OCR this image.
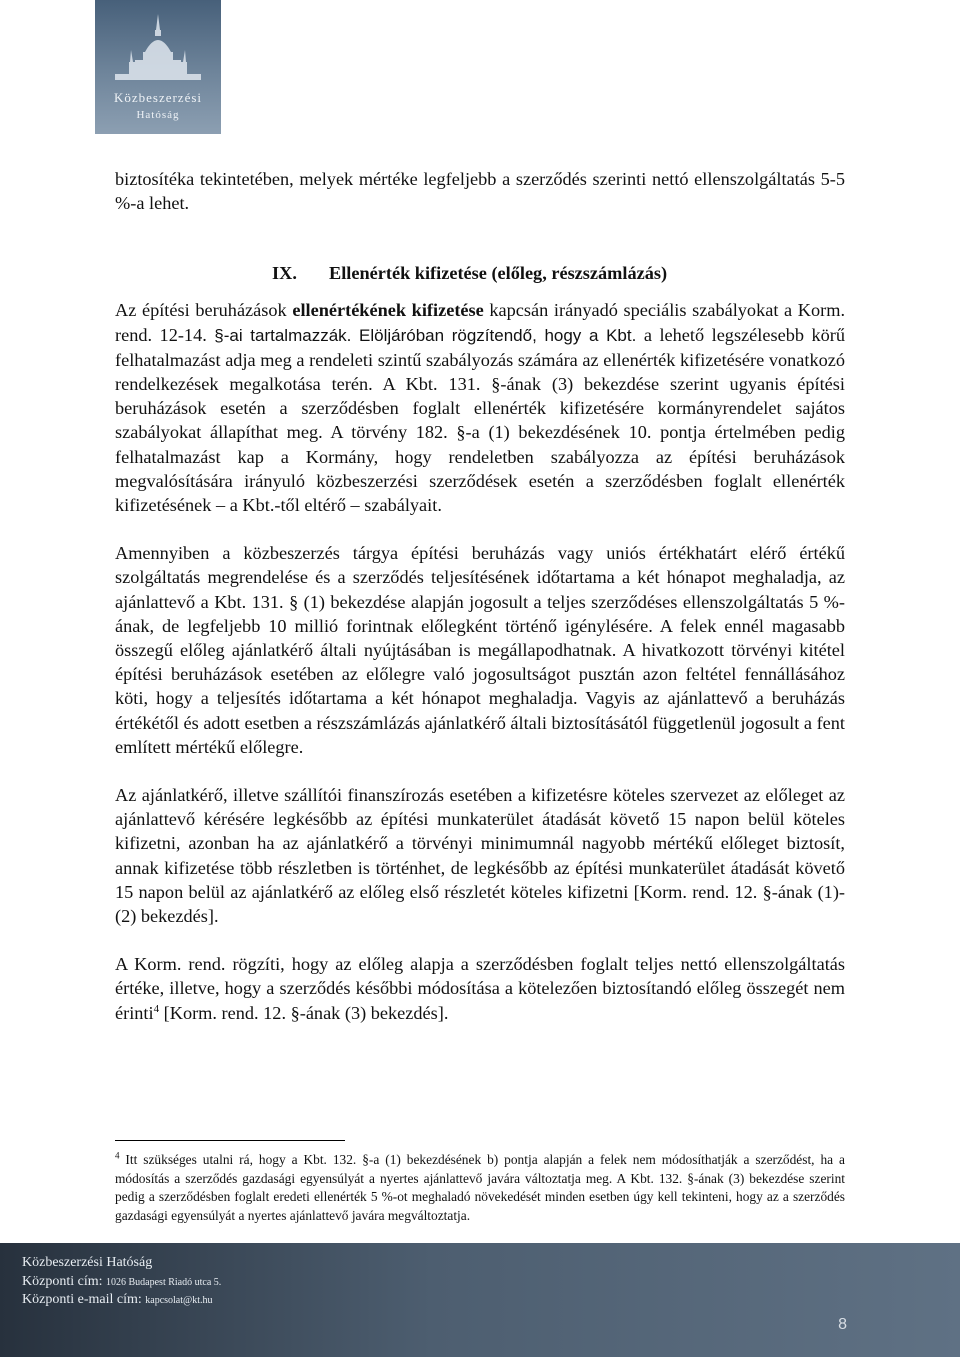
Közbeszerzési
Hatóság

biztosítéka tekintetében, melyek mértéke legfeljebb a szerződés szerinti nettó ellenszolgáltatás 5-5 %-a lehet.

IX. Ellenérték kifizetése (előleg, részszámlázás)

Az építési beruházások ellenértékének kifizetése kapcsán irányadó speciális szabályokat a Korm. rend. 12-14. §-ai tartalmazzák. Elöljáróban rögzítendő, hogy a Kbt. a lehető legszélesebb körű felhatalmazást adja meg a rendeleti szintű szabályozás számára az ellenérték kifizetésére vonatkozó rendelkezések megalkotása terén. A Kbt. 131. §-ának (3) bekezdése szerint ugyanis építési beruházások esetén a szerződésben foglalt ellenérték kifizetésére kormányrendelet sajátos szabályokat állapíthat meg. A törvény 182. §-a (1) bekezdésének 10. pontja értelmében pedig felhatalmazást kap a Kormány, hogy rendeletben szabályozza az építési beruházások megvalósítására irányuló közbeszerzési szerződések esetén a szerződésben foglalt ellenérték kifizetésének – a Kbt.-től eltérő – szabályait.

Amennyiben a közbeszerzés tárgya építési beruházás vagy uniós értékhatárt elérő értékű szolgáltatás megrendelése és a szerződés teljesítésének időtartama a két hónapot meghaladja, az ajánlattevő a Kbt. 131. § (1) bekezdése alapján jogosult a teljes szerződéses ellenszolgáltatás 5 %-ának, de legfeljebb 10 millió forintnak előlegként történő igénylésére. A felek ennél magasabb összegű előleg ajánlatkérő általi nyújtásában is megállapodhatnak. A hivatkozott törvényi kitétel építési beruházások esetében az előlegre való jogosultságot pusztán azon feltétel fennállásához köti, hogy a teljesítés időtartama a két hónapot meghaladja. Vagyis az ajánlattevő a beruházás értékétől és adott esetben a részszámlázás ajánlatkérő általi biztosításától függetlenül jogosult a fent említett mértékű előlegre.

Az ajánlatkérő, illetve szállítói finanszírozás esetében a kifizetésre köteles szervezet az előleget az ajánlattevő kérésére legkésőbb az építési munkaterület átadását követő 15 napon belül köteles kifizetni, azonban ha az ajánlatkérő a törvényi minimumnál nagyobb mértékű előleget biztosít, annak kifizetése több részletben is történhet, de legkésőbb az építési munkaterület átadását követő 15 napon belül az ajánlatkérő az előleg első részletét köteles kifizetni [Korm. rend. 12. §-ának (1)-(2) bekezdés].

A Korm. rend. rögzíti, hogy az előleg alapja a szerződésben foglalt teljes nettó ellenszolgáltatás értéke, illetve, hogy a szerződés későbbi módosítása a kötelezően biztosítandó előleg összegét nem érinti$^4$ [Korm. rend. 12. §-ának (3) bekezdés].

$^4$ Itt szükséges utalni rá, hogy a Kbt. 132. §-a (1) bekezdésének b) pontja alapján a felek nem módosíthatják a szerződést, ha a módosítás a szerződés gazdasági egyensúlyát a nyertes ajánlattevő javára változtatja meg. A Kbt. 132. §-ának (3) bekezdése szerint pedig a szerződésben foglalt eredeti ellenérték 5 %-ot meghaladó növekedését minden esetben úgy kell tekinteni, hogy az a szerződés gazdasági egyensúlyát a nyertes ajánlattevő javára megváltoztatja.
Közbeszerzési Hatóság
Központi cím: 1026 Budapest Riadó utca 5.
Központi e-mail cím: kapcsolat@kt.hu
8
